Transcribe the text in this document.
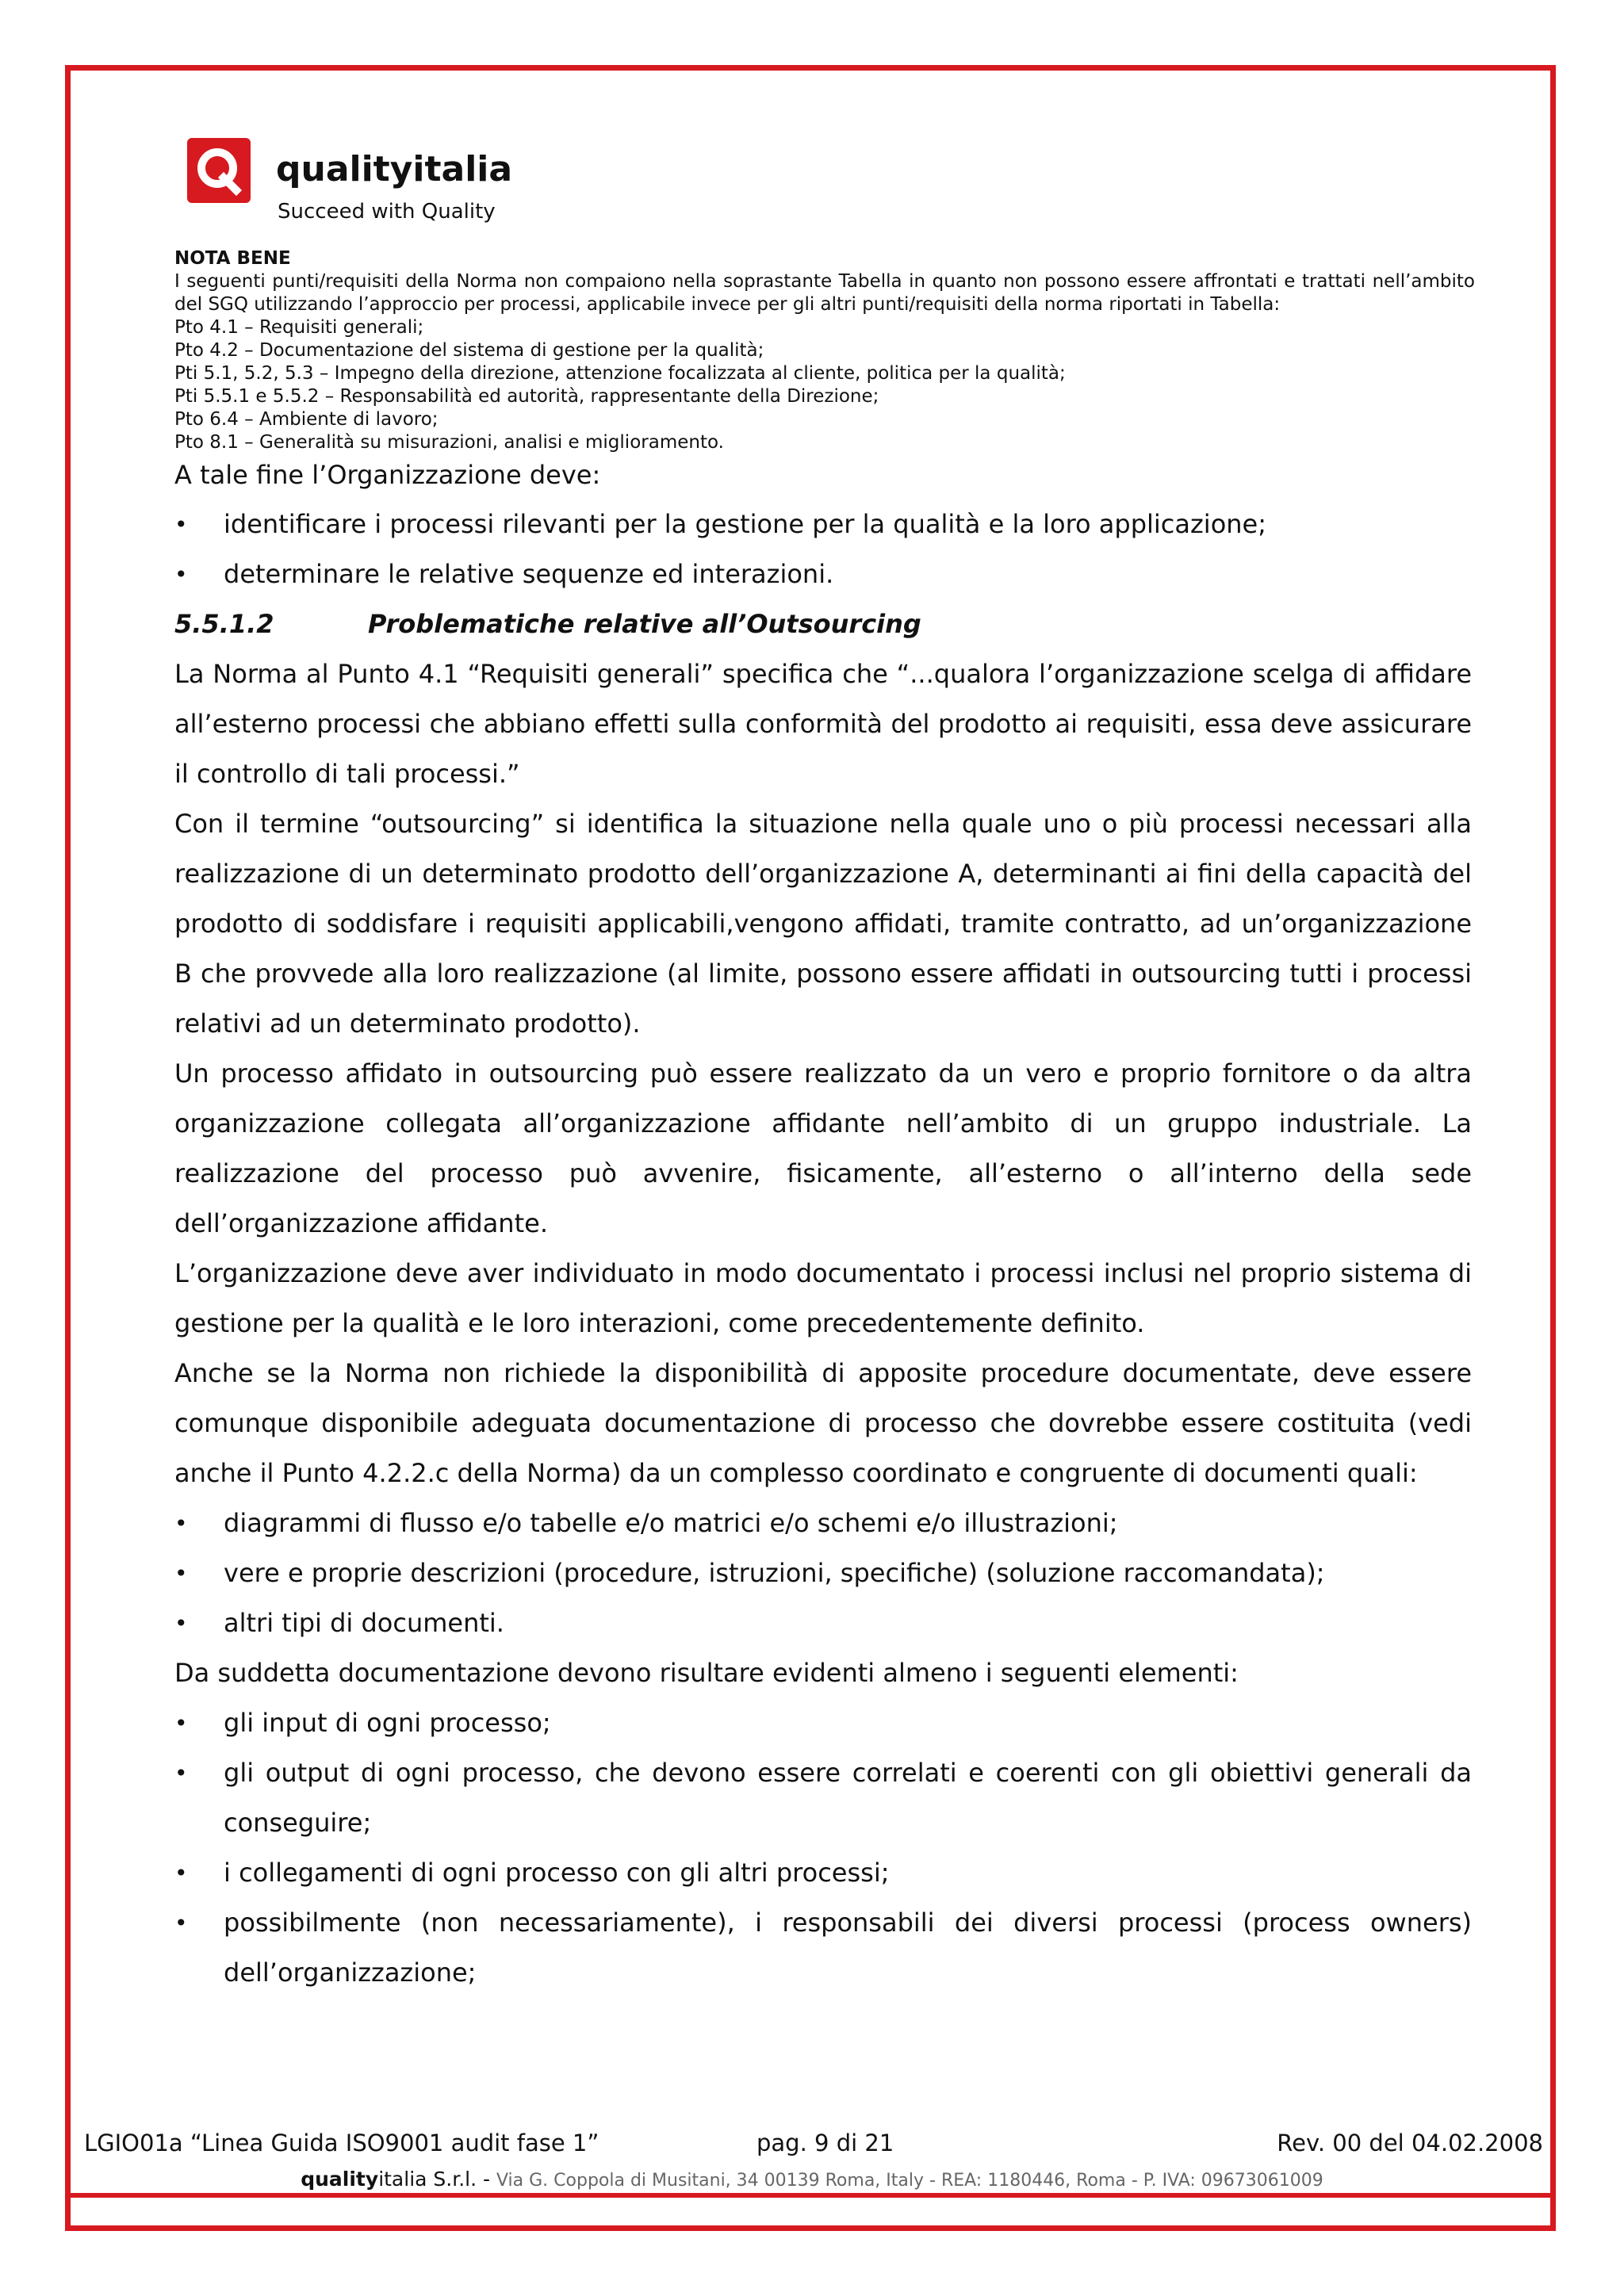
qualityitalia
Succeed with Quality
NOTA BENE

I seguenti punti/requisiti della Norma non compaiono nella soprastante Tabella in quanto non possono essere affrontati e trattati nell’ambito del SGQ utilizzando l’approccio per processi, applicabile invece per gli altri punti/requisiti della norma riportati in Tabella:

Pto 4.1 – Requisiti generali;
Pto 4.2 – Documentazione del sistema di gestione per la qualità;
Pti 5.1, 5.2, 5.3 – Impegno della direzione, attenzione focalizzata al cliente, politica per la qualità;
Pti 5.5.1 e 5.5.2 – Responsabilità ed autorità, rappresentante della Direzione;
Pto 6.4 – Ambiente di lavoro;
Pto 8.1 – Generalità su misurazioni, analisi e miglioramento.

A tale fine l’Organizzazione deve:

•	identificare i processi rilevanti per la gestione per la qualità e la loro applicazione;
•	determinare le relative sequenze ed interazioni.
5.5.1.2	Problematiche relative all’Outsourcing

La Norma al Punto 4.1 “Requisiti generali” specifica che “...qualora l’organizzazione scelga di affidare all’esterno processi che abbiano effetti sulla conformità del prodotto ai requisiti, essa deve assicurare il controllo di tali processi.”

Con il termine “outsourcing” si identifica la situazione nella quale uno o più processi necessari alla realizzazione di un determinato prodotto dell’organizzazione A, determinanti ai fini della capacità del prodotto di soddisfare i requisiti applicabili,vengono affidati, tramite contratto, ad un’organizzazione B che provvede alla loro realizzazione (al limite, possono essere affidati in outsourcing tutti i processi relativi ad un determinato prodotto).

Un processo affidato in outsourcing può essere realizzato da un vero e proprio fornitore o da altra organizzazione collegata all’organizzazione affidante nell’ambito di un gruppo industriale. La realizzazione del processo può avvenire, fisicamente, all’esterno o all’interno della sede dell’organizzazione affidante.

L’organizzazione deve aver individuato in modo documentato i processi inclusi nel proprio sistema di gestione per la qualità e le loro interazioni, come precedentemente definito.

Anche se la Norma non richiede la disponibilità di apposite procedure documentate, deve essere comunque disponibile adeguata documentazione di processo che dovrebbe essere costituita (vedi anche il Punto 4.2.2.c della Norma) da un complesso coordinato e congruente di documenti quali:

•	diagrammi di flusso e/o tabelle e/o matrici e/o schemi e/o illustrazioni;
•	vere e proprie descrizioni (procedure, istruzioni, specifiche) (soluzione raccomandata);
•	altri tipi di documenti.

Da suddetta documentazione devono risultare evidenti almeno i seguenti elementi:

•	gli input di ogni processo;
•	gli output di ogni processo, che devono essere correlati e coerenti con gli obiettivi generali da conseguire;
•	i collegamenti di ogni processo con gli altri processi;
•	possibilmente (non necessariamente), i responsabili dei diversi processi (process owners) dell’organizzazione;
LGIO01a “Linea Guida ISO9001 audit fase 1”	pag. 9 di 21	Rev. 00 del 04.02.2008
qualityitalia S.r.l. - Via G. Coppola di Musitani, 34 00139 Roma, Italy - REA: 1180446, Roma - P. IVA: 09673061009
